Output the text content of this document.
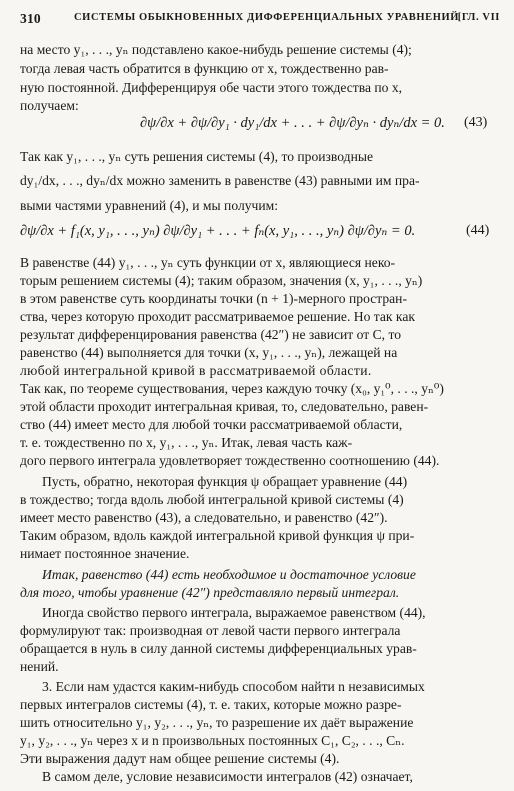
310	СИСТЕМЫ ОБЫКНОВЕННЫХ ДИФФЕРЕНЦИАЛЬНЫХ УРАВНЕНИЙ
[ГЛ. VII
на место y₁, . . ., yₙ подставлено какое-нибудь решение системы (4);
тогда левая часть обратится в функцию от x, тождественно рав-
ную постоянной. Дифференцируя обе части этого тождества по x,
получаем:
∂ψ/∂x + ∂ψ/∂y₁ · dy₁/dx + . . . + ∂ψ/∂yₙ · dyₙ/dx = 0. (43)
Так как y₁, . . ., yₙ суть решения системы (4), то производные
dy₁/dx, . . ., dyₙ/dx можно заменить в равенстве (43) равными им пра-
выми частями уравнений (4), и мы получим:
∂ψ/∂x + f₁(x, y₁, . . ., yₙ) ∂ψ/∂y₁ + . . . + fₙ(x, y₁, . . ., yₙ) ∂ψ/∂yₙ = 0.	(44)
В равенстве (44) y₁, . . ., yₙ суть функции от x, являющиеся неко-
торым решением системы (4); таким образом, значения (x, y₁, . . ., yₙ)
в этом равенстве суть координаты точки (n + 1)-мерного простран-
ства, через которую проходит рассматриваемое решение. Но так как
результат дифференцирования равенства (42″) не зависит от C, то
равенство (44) выполняется для точки (x, y₁, . . ., yₙ), лежащей на
любой интегральной кривой в рассматриваемой области.
Так как, по теореме существования, через каждую точку (x₀, y₁⁰, . . ., yₙ⁰)
этой области проходит интегральная кривая, то, следовательно, равен-
ство (44) имеет место для любой точки рассматриваемой области,
т. е. тождественно по x, y₁, . . ., yₙ. Итак, левая часть каж-
дого первого интеграла удовлетворяет тождественно соотношению (44).
Пусть, обратно, некоторая функция ψ обращает уравнение (44)
в тождество; тогда вдоль любой интегральной кривой системы (4)
имеет место равенство (43), а следовательно, и равенство (42″).
Таким образом, вдоль каждой интегральной кривой функция ψ при-
нимает постоянное значение.
Итак, равенство (44) есть необходимое и достаточное условие
для того, чтобы уравнение (42″) представляло первый интеграл.
Иногда свойство первого интеграла, выражаемое равенством (44),
формулируют так: производная от левой части первого интеграла
обращается в нуль в силу данной системы дифференциальных урав-
нений.
3. Если нам удастся каким-нибудь способом найти n независимых
первых интегралов системы (4), т. е. таких, которые можно разре-
шить относительно y₁, y₂, . . ., yₙ, то разрешение их даёт выражение
y₁, y₂, . . ., yₙ через x и n произвольных постоянных C₁, C₂, . . ., Cₙ.
Эти выражения дадут нам общее решение системы (4).
В самом деле, условие независимости интегралов (42) означает,
